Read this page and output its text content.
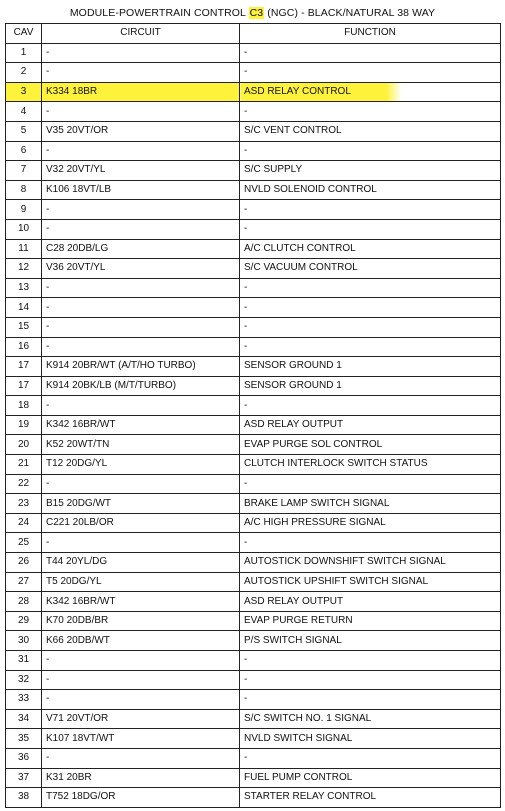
MODULE-POWERTRAIN CONTROL C3 (NGC) - BLACK/NATURAL 38 WAY
CAV	CIRCUIT	FUNCTION
1	-	-
2	-	-
3	K334 18BR	ASD RELAY CONTROL
4	-	-
5	V35 20VT/OR	S/C VENT CONTROL
6	-	-
7	V32 20VT/YL	S/C SUPPLY
8	K106 18VT/LB	NVLD SOLENOID CONTROL
9	-	-
10	-	-
11	C28 20DB/LG	A/C CLUTCH CONTROL
12	V36 20VT/YL	S/C VACUUM CONTROL
13	-	-
14	-	-
15	-	-
16	-	-
17	K914 20BR/WT (A/T/HO TURBO)	SENSOR GROUND 1
17	K914 20BK/LB (M/T/TURBO)	SENSOR GROUND 1
18	-	-
19	K342 16BR/WT	ASD RELAY OUTPUT
20	K52 20WT/TN	EVAP PURGE SOL CONTROL
21	T12 20DG/YL	CLUTCH INTERLOCK SWITCH STATUS
22	-	-
23	B15 20DG/WT	BRAKE LAMP SWITCH SIGNAL
24	C221 20LB/OR	A/C HIGH PRESSURE SIGNAL
25	-	-
26	T44 20YL/DG	AUTOSTICK DOWNSHIFT SWITCH SIGNAL
27	T5 20DG/YL	AUTOSTICK UPSHIFT SWITCH SIGNAL
28	K342 16BR/WT	ASD RELAY OUTPUT
29	K70 20DB/BR	EVAP PURGE RETURN
30	K66 20DB/WT	P/S SWITCH SIGNAL
31	-	-
32	-	-
33	-	-
34	V71 20VT/OR	S/C SWITCH NO. 1 SIGNAL
35	K107 18VT/WT	NVLD SWITCH SIGNAL
36	-	-
37	K31 20BR	FUEL PUMP CONTROL
38	T752 18DG/OR	STARTER RELAY CONTROL
